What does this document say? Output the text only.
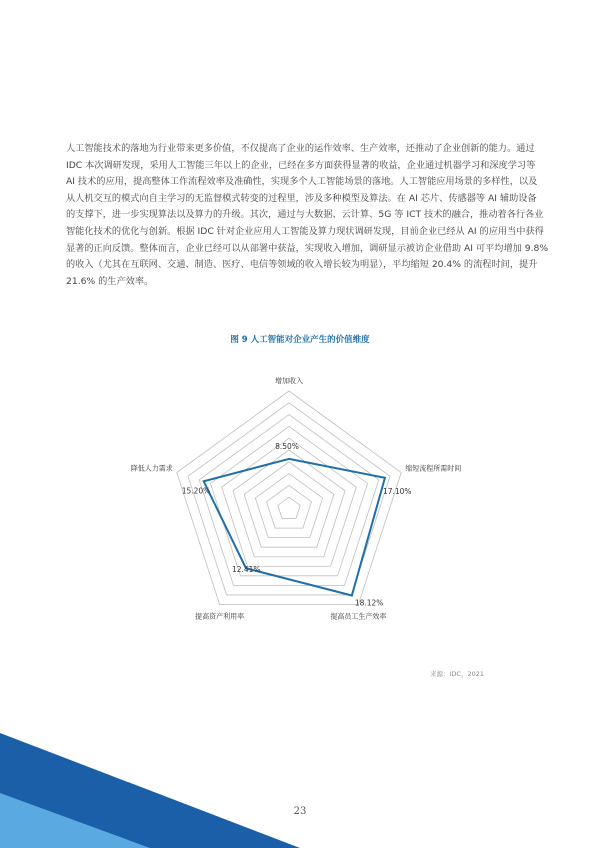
人工智能技术的落地为行业带来更多价值，不仅提高了企业的运作效率、生产效率，还推动了企业创新的能力。通过
IDC 本次调研发现，采用人工智能三年以上的企业，已经在多方面获得显著的收益，企业通过机器学习和深度学习等
AI 技术的应用，提高整体工作流程效率及准确性，实现多个人工智能场景的落地。人工智能应用场景的多样性，以及
从人机交互的模式向自主学习的无监督模式转变的过程里，涉及多种模型及算法。在 AI 芯片、传感器等 AI 辅助设备
的支撑下，进一步实现算法以及算力的升级。其次，通过与大数据、云计算、5G 等 ICT 技术的融合，推动着各行各业
智能化技术的优化与创新。根据 IDC 针对企业应用人工智能及算力现状调研发现，目前企业已经从 AI 的应用当中获得
显著的正向反馈。整体而言，企业已经可以从部署中获益，实现收入增加，调研显示被访企业借助 AI 可平均增加 9.8%
的收入（尤其在互联网、交通、制造、医疗、电信等领域的收入增长较为明显），平均缩短 20.4% 的流程时间，提升
21.6% 的生产效率。
图 9 人工智能对企业产生的价值维度
增加收入
缩短流程所需时间
提高员工生产效率
提高资产利用率
降低人力需求
8.50%
17.10%
18.12%
12.41%
15.20%
来源：IDC，2021
23
